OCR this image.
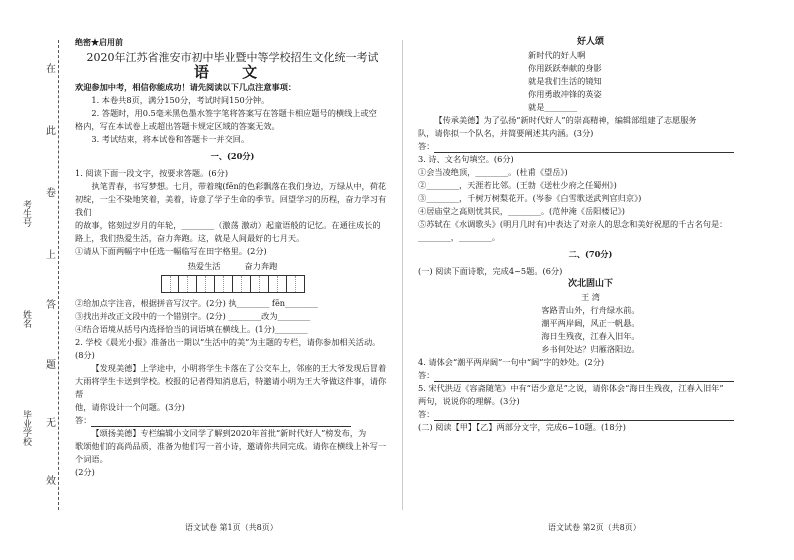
在
此
卷
上
答
题
无
效
考生号
姓名
毕业学校

绝密★启用前

2020年江苏省淮安市初中毕业暨中等学校招生文化统一考试

语 文

欢迎参加中考，相信你能成功！请先阅读以下几点注意事项：

1. 本卷共8页，满分150分，考试时间150分钟。

2. 答题时，用0.5毫米黑色墨水签字笔将答案写在答题卡相应题号的横线上或空

格内，写在本试卷上或超出答题卡规定区域的答案无效。

3. 考试结束，将本试卷和答题卡一并交回。

一、(20分)

1. 阅读下面一段文字，按要求答题。(6分)

执笔青春，书写梦想。七月，带着瑰(fēn的色彩飘落在我们身边，万绿从中，荷花

初绽，一尘不染地笑着，美着，诗意了学子生命的季节。回望学习的历程，奋力学习有我们

的故事，铭刻过岁月的年轮，________（激荡 激动）起童语般的记忆。在通往成长的

路上，我们热爱生活，奋力奔跑。这，就是人间最好的七月天。

①请从下面两幅字中任选一幅临写在田字格里。(2分)

热爱生活	奋力奔跑

②给加点字注音，根据拼音写汉字。(2分) 执________ fēn________

③找出并改正文段中的一个错别字。(2分) ________改为________

④结合语境从括号内选择恰当的词语填在横线上。(1分)________

2. 学校《晨光小报》准备出一期以“生活中的美”为主题的专栏，请你参加相关活动。

(8分)

【发现美德】上学途中，小明将学生卡落在了公交车上，邻座的王大爷发现后冒着

大雨将学生卡送到学校。校报的记者得知消息后，特邀请小明为王大爷做这件事，请你帮

他，请你设计一个问题。(3分)

答：

【颂扬美德】专栏编辑小文同学了解到2020年首批“新时代好人”榜发布，为

歌颂他们的高尚品质，准备为他们写一首小诗，邀请你共同完成。请你在横线上补写一个词语。

(2分)

语文试卷 第1页（共8页）

好人颂

新时代的好人啊

你用跃跃奉献的身影

就是我们生活的镜知

你用勇敢冲锋的英姿

就是________

【传承美德】为了弘扬“新时代好人”的崇高精神，编辑部组建了志愿服务

队，请你拟一个队名，并简要阐述其内涵。(3分)

答：

3. 诗、文名句填空。(6分)

①会当凌绝顶，________。(杜甫《望岳》)

②________，天涯若比邻。(王勃《送杜少府之任蜀州》)

③________，千树万树梨花开。(岑参《白雪歌送武判官归京》)

④居庙堂之高则忧其民，________。(范仲淹《岳阳楼记》)

⑤苏轼在《水调歌头》(明月几时有)中表达了对亲人的思念和美好祝愿的千古名句是：

________，________。

二、(70分)

(一) 阅读下面诗歌，完成4~5题。(6分)

次北固山下

王 湾

客路青山外，行舟绿水前。

潮平两岸阔，风正一帆悬。

海日生残夜，江春入旧年。

乡书何处达？归雁洛阳边。

4. 请体会“潮平两岸阔”一句中“阔”字的妙处。(2分)

答：

5. 宋代洪迈《容斋随笔》中有“语少意足”之说，请你体会“海日生残夜，江春入旧年”

两句，说说你的理解。(3分)

答：

(二) 阅读【甲】【乙】两部分文字，完成6~10题。(18分)

语文试卷 第2页（共8页）
